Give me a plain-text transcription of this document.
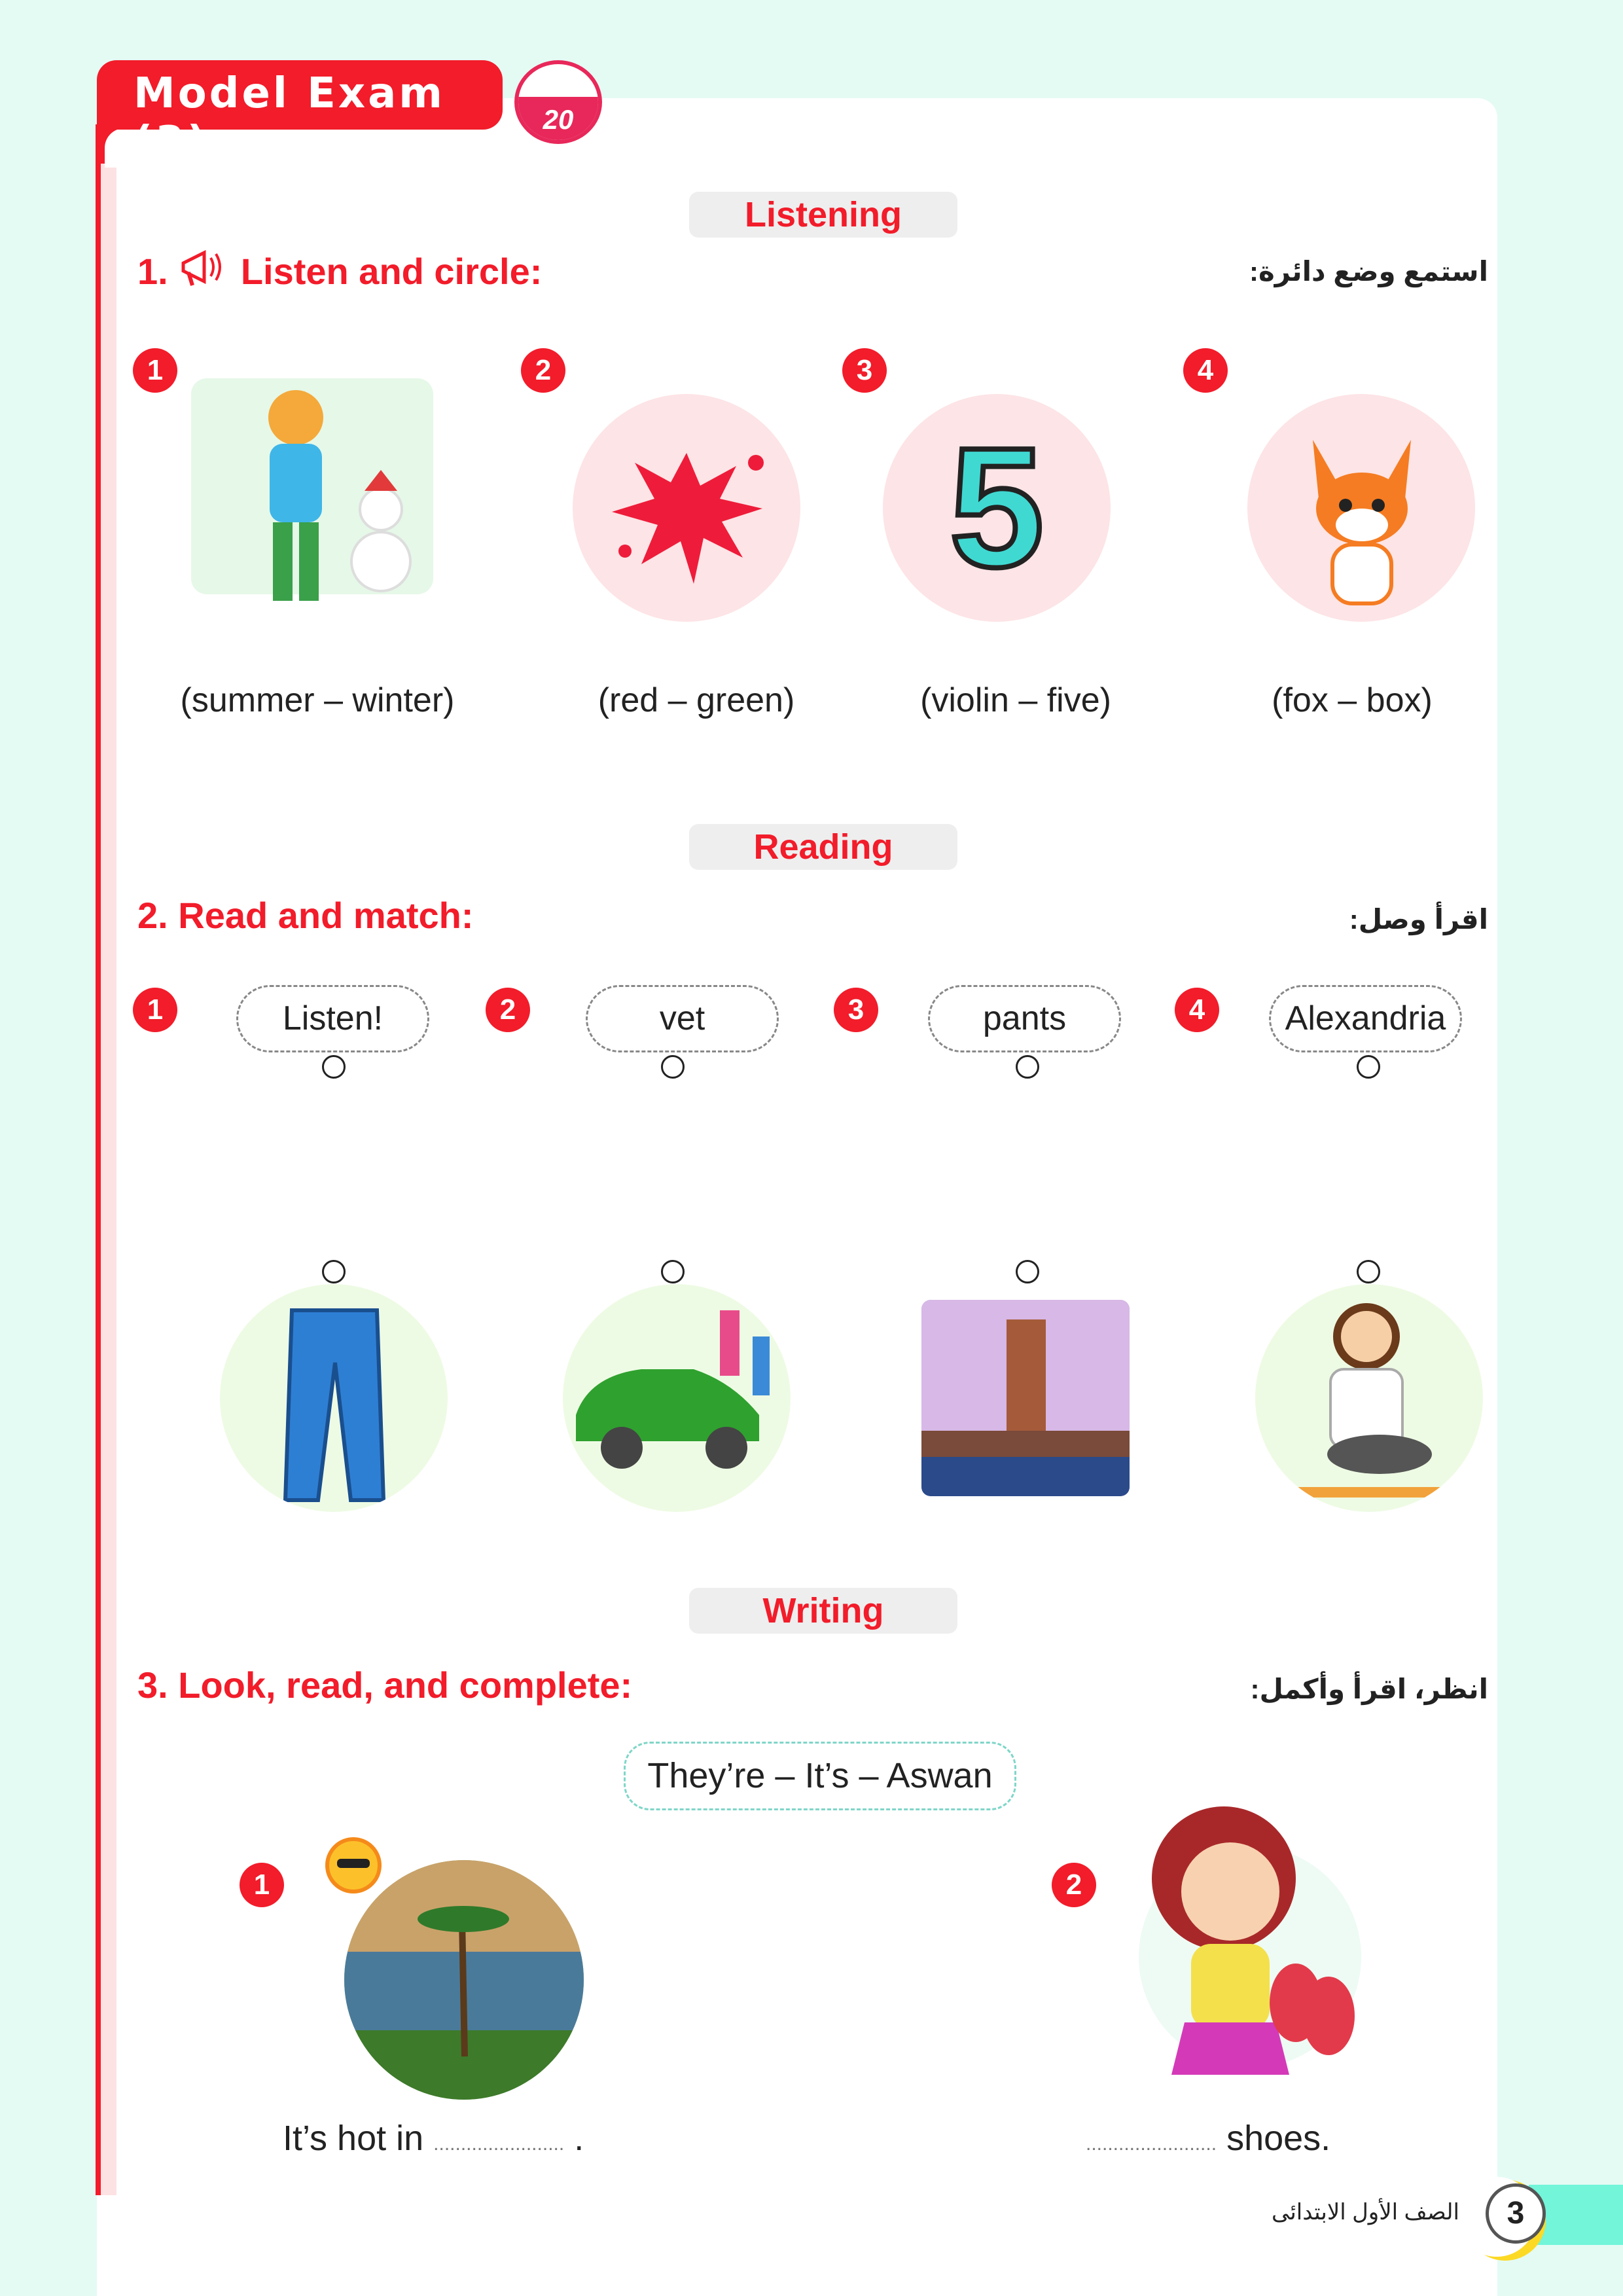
Model Exam (3)	20
Listening
1. Listen and circle:	استمع وضع دائرة:
1	2	3	4
5
(summer – winter)	(red – green)	(violin – five)	(fox – box)
Reading
2. Read and match:	اقرأ وصل:
1	2	3	4
Listen!	vet	pants	Alexandria
Writing
3. Look, read, and complete:	انظر، اقرأ وأكمل:
They’re – It’s – Aswan
1	2
It’s hot in ........................ .	........................ shoes.
3
الصف الأول الابتدائى
